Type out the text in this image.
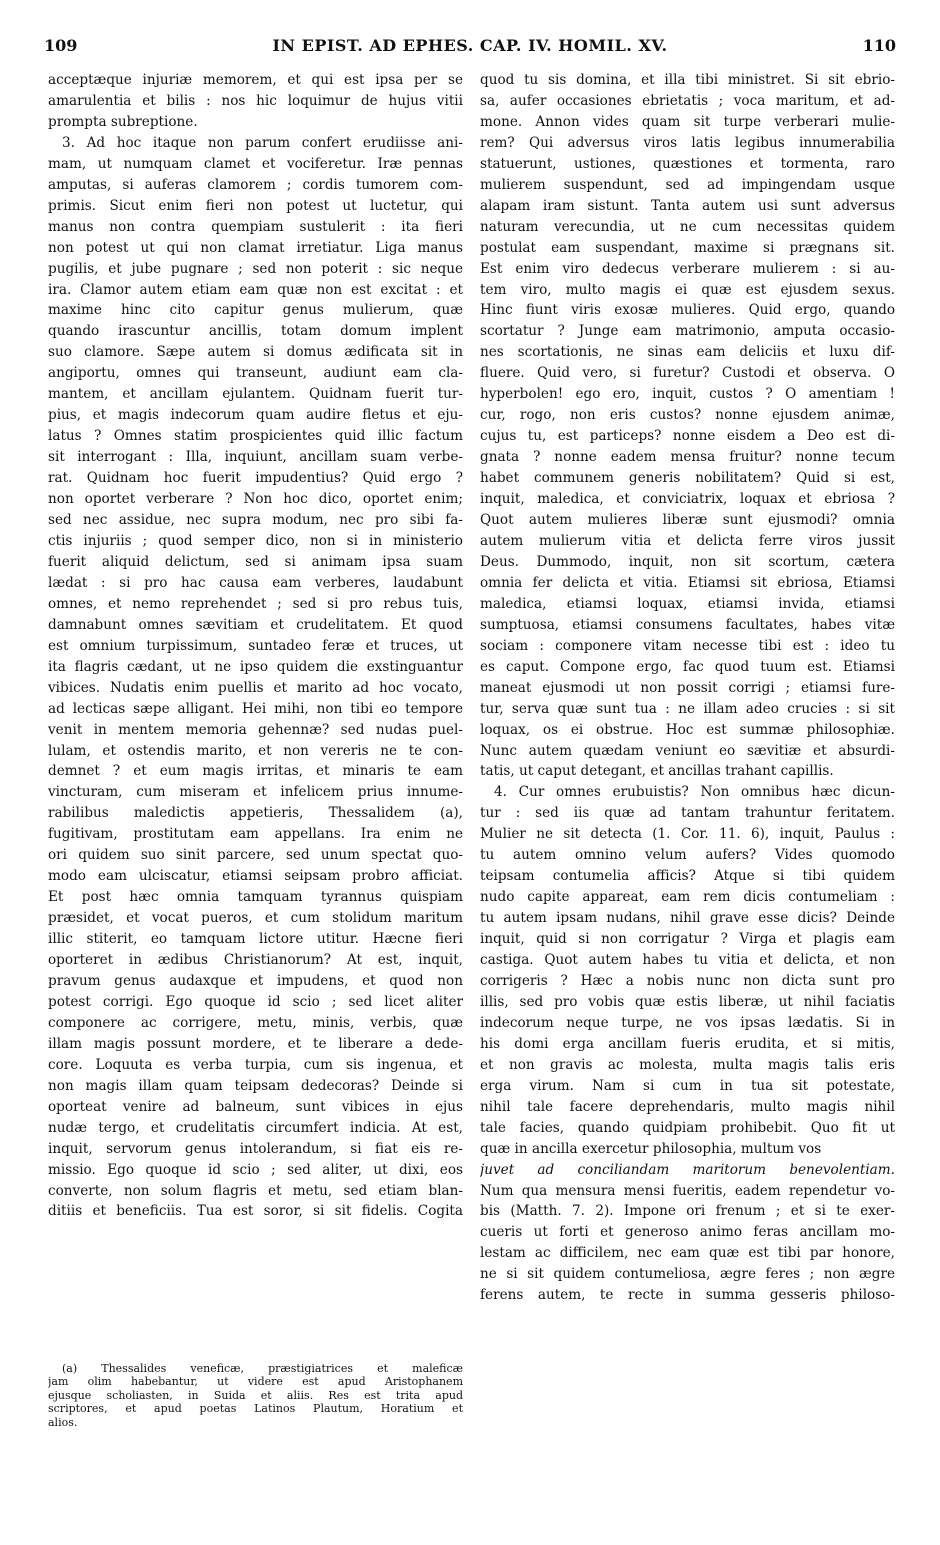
109	IN EPIST. AD EPHES. CAP. IV. HOMIL. XV.	110
acceptæque injuriæ memorem, et qui est ipsa per se
amarulentia et bilis : nos hic loquimur de hujus vitii
prompta subreptione.
3. Ad hoc itaque non parum confert erudiisse ani-
mam, ut numquam clamet et vociferetur. Iræ pennas
amputas, si auferas clamorem ; cordis tumorem com-
primis. Sicut enim fieri non potest ut luctetur, qui
manus non contra quempiam sustulerit : ita fieri
non potest ut qui non clamat irretiatur. Liga manus
pugilis, et jube pugnare ; sed non poterit : sic neque
ira. Clamor autem etiam eam quæ non est excitat : et
maxime hinc cito capitur genus mulierum, quæ
quando irascuntur ancillis, totam domum implent
suo clamore. Sæpe autem si domus ædificata sit in
angiportu, omnes qui transeunt, audiunt eam cla-
mantem, et ancillam ejulantem. Quidnam fuerit tur-
pius, et magis indecorum quam audire fletus et eju-
latus ? Omnes statim prospicientes quid illic factum
sit interrogant : Illa, inquiunt, ancillam suam verbe-
rat. Quidnam hoc fuerit impudentius? Quid ergo ?
non oportet verberare ? Non hoc dico, oportet enim;
sed nec assidue, nec supra modum, nec pro sibi fa-
ctis injuriis ; quod semper dico, non si in ministerio
fuerit aliquid delictum, sed si animam ipsa suam
lædat : si pro hac causa eam verberes, laudabunt
omnes, et nemo reprehendet ; sed si pro rebus tuis,
damnabunt omnes sævitiam et crudelitatem. Et quod
est omnium turpissimum, suntadeo feræ et truces, ut
ita flagris cædant, ut ne ipso quidem die exstinguantur
vibices. Nudatis enim puellis et marito ad hoc vocato,
ad lecticas sæpe alligant. Hei mihi, non tibi eo tempore
venit in mentem memoria gehennæ? sed nudas puel-
lulam, et ostendis marito, et non vereris ne te con-
demnet ? et eum magis irritas, et minaris te eam
vincturam, cum miseram et infelicem prius innume-
rabilibus maledictis appetieris, Thessalidem (a),
fugitivam, prostitutam eam appellans. Ira enim ne
ori quidem suo sinit parcere, sed unum spectat quo-
modo eam ulciscatur, etiamsi seipsam probro afficiat.
Et post hæc omnia tamquam tyrannus quispiam
præsidet, et vocat pueros, et cum stolidum maritum
illic stiterit, eo tamquam lictore utitur. Hæcne fieri
oporteret in ædibus Christianorum? At est, inquit,
pravum genus audaxque et impudens, et quod non
potest corrigi. Ego quoque id scio ; sed licet aliter
componere ac corrigere, metu, minis, verbis, quæ
illam magis possunt mordere, et te liberare a dede-
core. Loquuta es verba turpia, cum sis ingenua, et
non magis illam quam teipsam dedecoras? Deinde si
oporteat venire ad balneum, sunt vibices in ejus
nudæ tergo, et crudelitatis circumfert indicia. At est,
inquit, servorum genus intolerandum, si fiat eis re-
missio. Ego quoque id scio ; sed aliter, ut dixi, eos
converte, non solum flagris et metu, sed etiam blan-
ditiis et beneficiis. Tua est soror, si sit fidelis. Cogita
(a) Thessalides veneficæ, præstigiatrices et maleficæ
jam olim habebantur, ut videre est apud Aristophanem
ejusque scholiasten, in Suida et aliis. Res est trita apud
scriptores, et apud poetas Latinos Plautum, Horatium et
alios.
quod tu sis domina, et illa tibi ministret. Si sit ebrio-
sa, aufer occasiones ebrietatis ; voca maritum, et ad-
mone. Annon vides quam sit turpe verberari mulie-
rem? Qui adversus viros latis legibus innumerabilia
statuerunt, ustiones, quæstiones et tormenta, raro
mulierem suspendunt, sed ad impingendam usque
alapam iram sistunt. Tanta autem usi sunt adversus
naturam verecundia, ut ne cum necessitas quidem
postulat eam suspendant, maxime si prægnans sit.
Est enim viro dedecus verberare mulierem : si au-
tem viro, multo magis ei quæ est ejusdem sexus.
Hinc fiunt viris exosæ mulieres. Quid ergo, quando
scortatur ? Junge eam matrimonio, amputa occasio-
nes scortationis, ne sinas eam deliciis et luxu dif-
fluere. Quid vero, si furetur? Custodi et observa. O
hyperbolen! ego ero, inquit, custos ? O amentiam !
cur, rogo, non eris custos? nonne ejusdem animæ,
cujus tu, est particeps? nonne eisdem a Deo est di-
gnata ? nonne eadem mensa fruitur? nonne tecum
habet communem generis nobilitatem? Quid si est,
inquit, maledica, et conviciatrix, loquax et ebriosa ?
Quot autem mulieres liberæ sunt ejusmodi? omnia
autem mulierum vitia et delicta ferre viros jussit
Deus. Dummodo, inquit, non sit scortum, cætera
omnia fer delicta et vitia. Etiamsi sit ebriosa, Etiamsi
maledica, etiamsi loquax, etiamsi invida, etiamsi
sumptuosa, etiamsi consumens facultates, habes vitæ
sociam : componere vitam necesse tibi est : ideo tu
es caput. Compone ergo, fac quod tuum est. Etiamsi
maneat ejusmodi ut non possit corrigi ; etiamsi fure-
tur, serva quæ sunt tua : ne illam adeo crucies : si sit
loquax, os ei obstrue. Hoc est summæ philosophiæ.
Nunc autem quædam veniunt eo sævitiæ et absurdi-
tatis, ut caput detegant, et ancillas trahant capillis.
4. Cur omnes erubuistis? Non omnibus hæc dicun-
tur : sed iis quæ ad tantam trahuntur feritatem.
Mulier ne sit detecta (1. Cor. 11. 6), inquit, Paulus :
tu autem omnino velum aufers? Vides quomodo
teipsam contumelia afficis? Atque si tibi quidem
nudo capite appareat, eam rem dicis contumeliam :
tu autem ipsam nudans, nihil grave esse dicis? Deinde
inquit, quid si non corrigatur ? Virga et plagis eam
castiga. Quot autem habes tu vitia et delicta, et non
corrigeris ? Hæc a nobis nunc non dicta sunt pro
illis, sed pro vobis quæ estis liberæ, ut nihil faciatis
indecorum neque turpe, ne vos ipsas lædatis. Si in
his domi erga ancillam fueris erudita, et si mitis,
et non gravis ac molesta, multa magis talis eris
erga virum. Nam si cum in tua sit potestate,
nihil tale facere deprehendaris, multo magis nihil
tale facies, quando quidpiam prohibebit. Quo fit ut
quæ in ancilla exercetur philosophia, multum vos
juvet ad conciliandam maritorum benevolentiam.
Num qua mensura mensi fueritis, eadem rependetur vo-
bis (Matth. 7. 2). Impone ori frenum ; et si te exer-
cueris ut forti et generoso animo feras ancillam mo-
lestam ac difficilem, nec eam quæ est tibi par honore,
ne si sit quidem contumeliosa, ægre feres ; non ægre
ferens autem, te recte in summa gesseris philoso-
